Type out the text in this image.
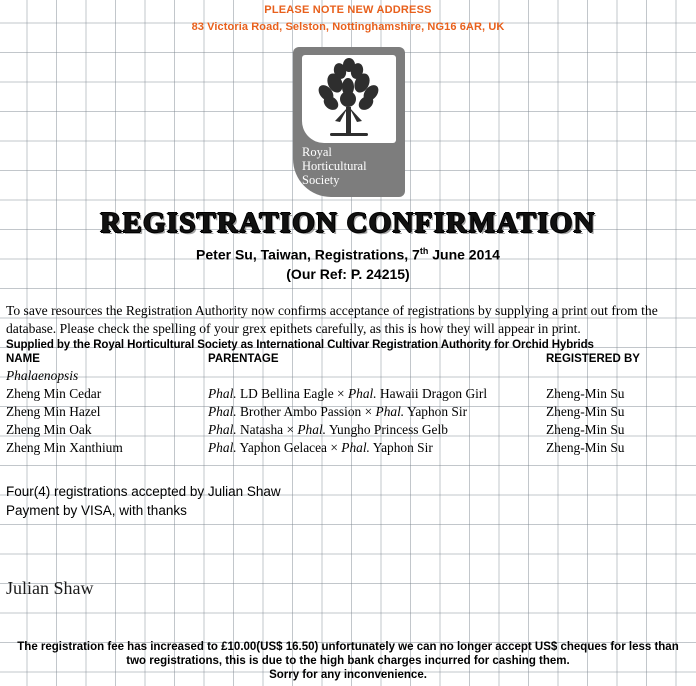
PLEASE NOTE NEW ADDRESS
83 Victoria Road, Selston, Nottinghamshire, NG16 6AR, UK
Royal
Horticultural
Society
REGISTRATION CONFIRMATION
Peter Su, Taiwan, Registrations, 7th June 2014
(Our Ref: P. 24215)
To save resources the Registration Authority now confirms acceptance of registrations by supplying a print out from the database. Please check the spelling of your grex epithets carefully, as this is how they will appear in print.
Supplied by the Royal Horticultural Society as International Cultivar Registration Authority for Orchid Hybrids
NAME	PARENTAGE	REGISTERED BY
Phalaenopsis		
Zheng Min Cedar	Phal. LD Bellina Eagle × Phal. Hawaii Dragon Girl	Zheng-Min Su
Zheng Min Hazel	Phal. Brother Ambo Passion × Phal. Yaphon Sir	Zheng-Min Su
Zheng Min Oak	Phal. Natasha × Phal. Yungho Princess Gelb	Zheng-Min Su
Zheng Min Xanthium	Phal. Yaphon Gelacea × Phal. Yaphon Sir	Zheng-Min Su
Four(4) registrations accepted by Julian Shaw
Payment by VISA, with thanks
Julian Shaw
The registration fee has increased to £10.00(US$ 16.50) unfortunately we can no longer accept US$ cheques for less than
two registrations, this is due to the high bank charges incurred for cashing them.
Sorry for any inconvenience.
